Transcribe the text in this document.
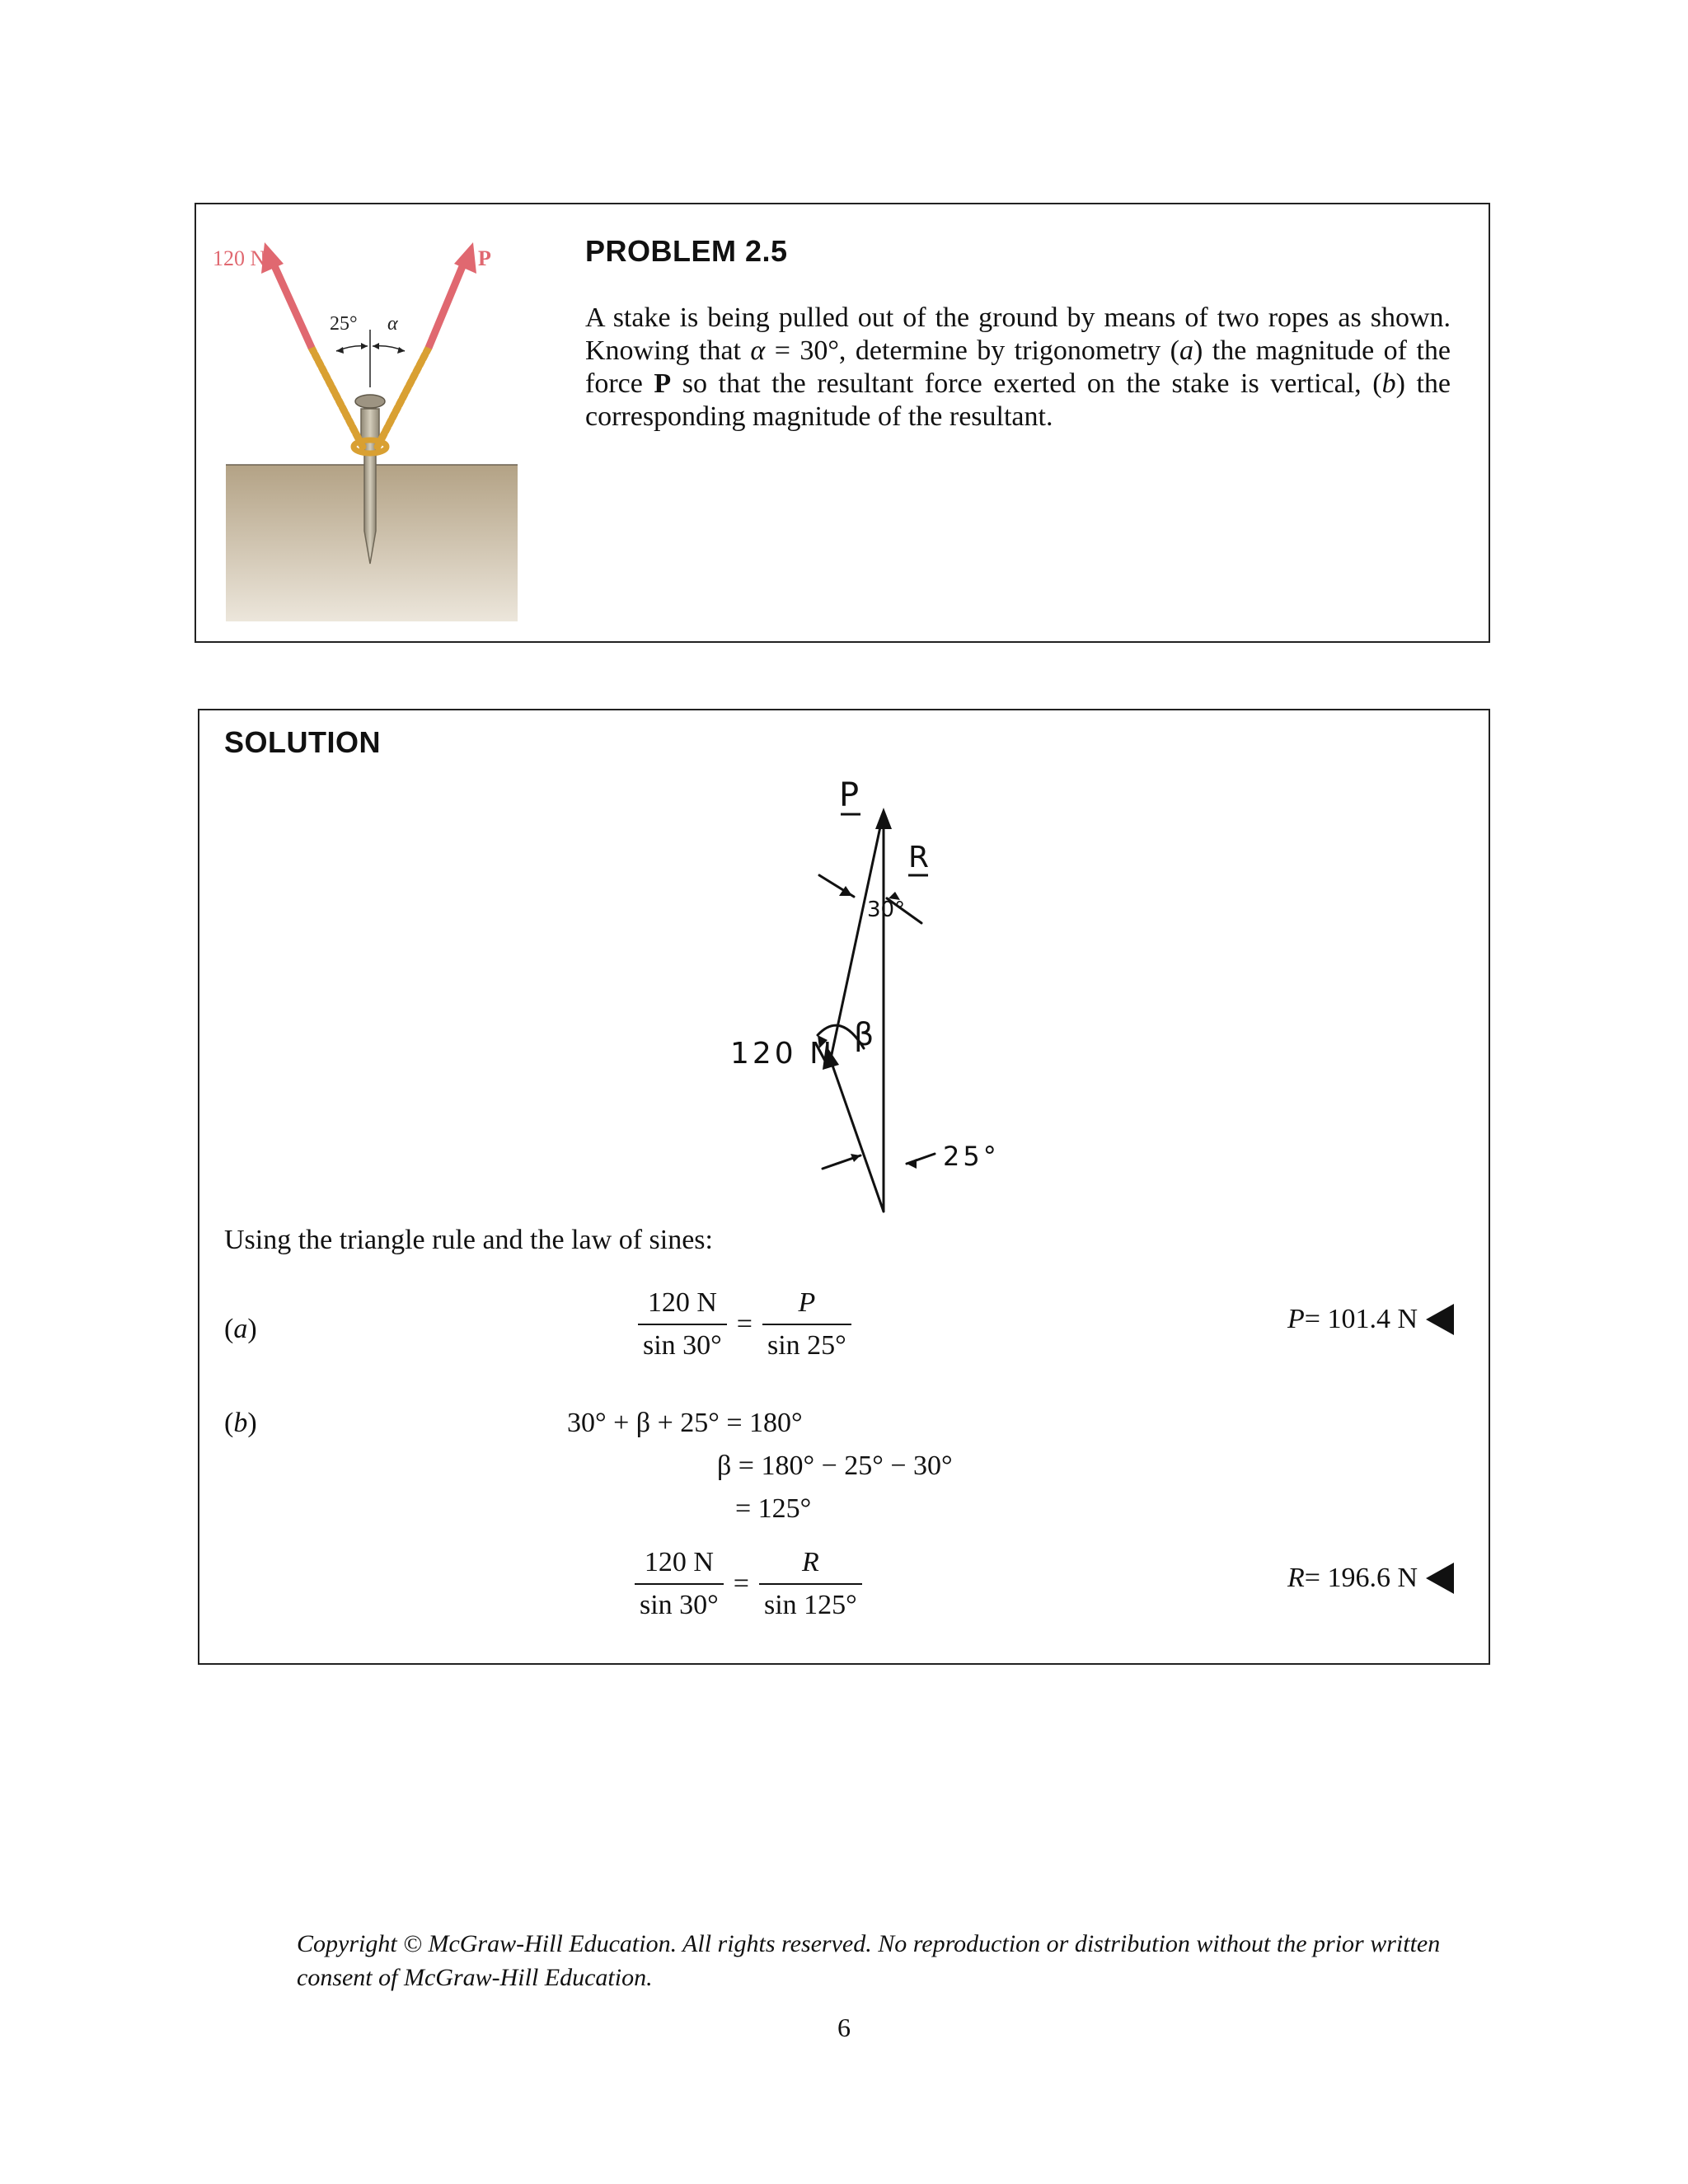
120 N	P
25° α
PROBLEM 2.5

A stake is being pulled out of the ground by means of two ropes as shown. Knowing that α = 30°, determine by trigonometry (a) the magnitude of the force P so that the resultant force exerted on the stake is vertical, (b) the corresponding magnitude of the resultant.

SOLUTION
P
R
30°
β
120 N
25°
Using the triangle rule and the law of sines:
(a)	$\frac{120 N}{\sin 30^\circ} = \frac{P}{\sin 25^\circ}$	P = 101.4 N
(b)	30° + β + 25° = 180°
β = 180° − 25° − 30°
= 125°
$\frac{120 N}{\sin 30^\circ} = \frac{R}{\sin 125^\circ}$	R = 196.6 N

Copyright © McGraw-Hill Education. All rights reserved. No reproduction or distribution without the prior written consent of McGraw-Hill Education.

6
